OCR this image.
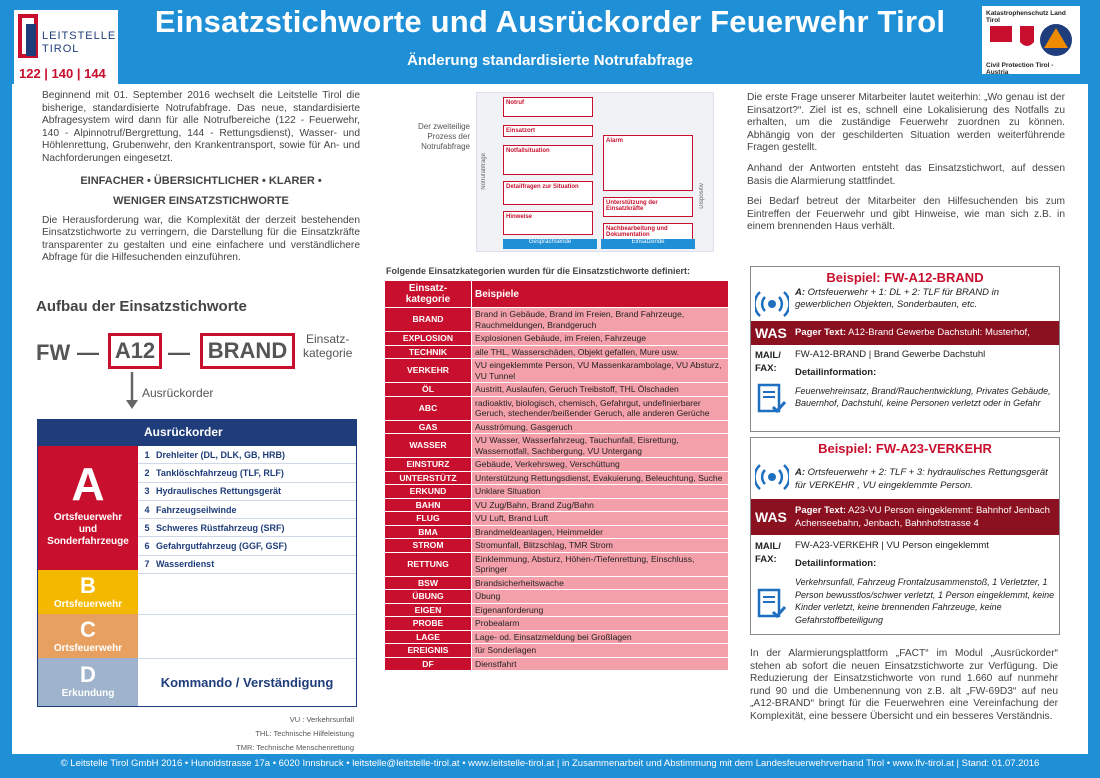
LEITSTELLE
TIROL
122 | 140 | 144
Einsatzstichworte und Ausrückorder Feuerwehr Tirol
Änderung standardisierte Notrufabfrage
Katastrophenschutz Land Tirol
Civil Protection Tirol - Austria

Beginnend mit 01. September 2016 wechselt die Leitstelle Tirol die bisherige, standardisierte Notrufabfrage. Das neue, standardisierte Abfragesystem wird dann für alle Notrufbereiche (122 - Feuerwehr, 140 - Alpinnotruf/Bergrettung, 144 - Rettungsdienst), Wasser- und Höhlenrettung, Grubenwehr, den Krankentransport, sowie für An- und Nachforderungen eingesetzt.

EINFACHER • ÜBERSICHTLICHER • KLARER •
WENIGER EINSATZSTICHWORTE

Die Herausforderung war, die Komplexität der derzeit bestehenden Einsatzstichworte zu verringern, die Darstellung für die Einsatzkräfte transparenter zu gestalten und eine einfachere und verständlichere Abfrage für die Hilfesuchenden einzuführen.

Der zweiteilige Prozess der Notrufabfrage
Notrufabfrage
Dispositiv
Notruf
Einsatzort
Notfallsituation
Detailfragen zur Situation
Hinweise
Alarm
Unterstützung der Einsatzkräfte
Nachbearbeitung und Dokumentation
Gesprächsende	Einsatzende

Die erste Frage unserer Mitarbeiter lautet weiterhin: „Wo genau ist der Einsatzort?“. Ziel ist es, schnell eine Lokalisierung des Notfalls zu erhalten, um die zuständige Feuerwehr zuordnen zu können. Abhängig von der geschilderten Situation werden weiterführende Fragen gestellt.

Anhand der Antworten entsteht das Einsatzstichwort, auf dessen Basis die Alarmierung stattfindet.

Bei Bedarf betreut der Mitarbeiter den Hilfesuchenden bis zum Eintreffen der Feuerwehr und gibt Hinweise, wie man sich z.B. in einem brennenden Haus verhält.

Aufbau der Einsatzstichworte
FW — A12 — BRAND	Einsatz-
kategorie
Ausrückorder
Ausrückorder
A
Ortsfeuerwehr
und
Sonderfahrzeuge
1 Drehleiter (DL, DLK, GB, HRB)
2 Tanklöschfahrzeug (TLF, RLF)
3 Hydraulisches Rettungsgerät
4 Fahrzeugseilwinde
5 Schweres Rüstfahrzeug (SRF)
6 Gefahrgutfahrzeug (GGF, GSF)
7 Wasserdienst
B
Ortsfeuerwehr
C
Ortsfeuerwehr
D
Erkundung
Kommando / Verständigung
VU : Verkehrsunfall
THL: Technische Hilfeleistung
TMR: Technische Menschenrettung
Folgende Einsatzkategorien wurden für die Einsatzstichworte definiert:
Einsatz-
kategorie	Beispiele
BRAND	Brand in Gebäude, Brand im Freien, Brand Fahrzeuge, Rauchmeldungen, Brandgeruch
EXPLOSION	Explosionen Gebäude, im Freien, Fahrzeuge
TECHNIK	alle THL, Wasserschäden, Objekt gefallen, Mure usw.
VERKEHR	VU eingeklemmte Person, VU Massenkarambolage, VU Absturz, VU Tunnel
ÖL	Austritt, Auslaufen, Geruch Treibstoff, THL Ölschaden
ABC	radioaktiv, biologisch, chemisch, Gefahrgut, undefinierbarer Geruch, stechender/beißender Geruch, alle anderen Gerüche
GAS	Ausströmung, Gasgeruch
WASSER	VU Wasser, Wasserfahrzeug, Tauchunfall, Eisrettung, Wassernotfall, Sachbergung, VU Untergang
EINSTURZ	Gebäude, Verkehrsweg, Verschüttung
UNTERSTÜTZ	Unterstützung Rettungsdienst, Evakuierung, Beleuchtung, Suche
ERKUND	Unklare Situation
BAHN	VU Zug/Bahn, Brand Zug/Bahn
FLUG	VU Luft, Brand Luft
BMA	Brandmeldeanlagen, Heimmelder
STROM	Stromunfall, Blitzschlag, TMR Strom
RETTUNG	Einklemmung, Absturz, Höhen-/Tiefenrettung, Einschluss, Springer
BSW	Brandsicherheitswache
ÜBUNG	Übung
EIGEN	Eigenanforderung
PROBE	Probealarm
LAGE	Lage- od. Einsatzmeldung bei Großlagen
EREIGNIS	für Sonderlagen
DF	Dienstfahrt
Beispiel: FW-A12-BRAND
A: Ortsfeuerwehr + 1: DL + 2: TLF für BRAND in gewerblichen Objekten, Sonderbauten, etc.
WAS Pager Text: A12-Brand Gewerbe Dachstuhl: Musterhof,
MAIL/
FAX:
FW-A12-BRAND | Brand Gewerbe Dachstuhl
Detailinformation:
Feuerwehreinsatz, Brand/Rauchentwicklung, Privates Gebäude, Bauernhof, Dachstuhl, keine Personen verletzt oder in Gefahr
Beispiel: FW-A23-VERKEHR
A: Ortsfeuerwehr + 2: TLF + 3: hydraulisches Rettungsgerät für VERKEHR , VU eingeklemmte Person.
WAS Pager Text: A23-VU Person eingeklemmt: Bahnhof Jenbach Achenseebahn, Jenbach, Bahnhofstrasse 4
MAIL/
FAX:
FW-A23-VERKEHR | VU Person eingeklemmt
Detailinformation:
Verkehrsunfall, Fahrzeug Frontalzusammenstoß, 1 Verletzter, 1 Person bewusstlos/schwer verletzt, 1 Person eingeklemmt, keine Kinder verletzt, keine brennenden Fahrzeuge, keine Gefahrstoffbeteiligung

In der Alarmierungsplattform „FACT“ im Modul „Ausrückorder“ stehen ab sofort die neuen Einsatzstichworte zur Verfügung. Die Reduzierung der Einsatzstichworte von rund 1.660 auf nunmehr rund 90 und die Umbenennung von z.B. alt „FW-69D3“ auf neu „A12-BRAND“ bringt für die Feuerwehren eine Vereinfachung der Komplexität, eine bessere Übersicht und ein besseres Verständnis.

© Leitstelle Tirol GmbH 2016 • Hunoldstrasse 17a • 6020 Innsbruck • leitstelle@leitstelle-tirol.at • www.leitstelle-tirol.at | in Zusammenarbeit und Abstimmung mit dem Landesfeuerwehrverband Tirol • www.lfv-tirol.at | Stand: 01.07.2016
